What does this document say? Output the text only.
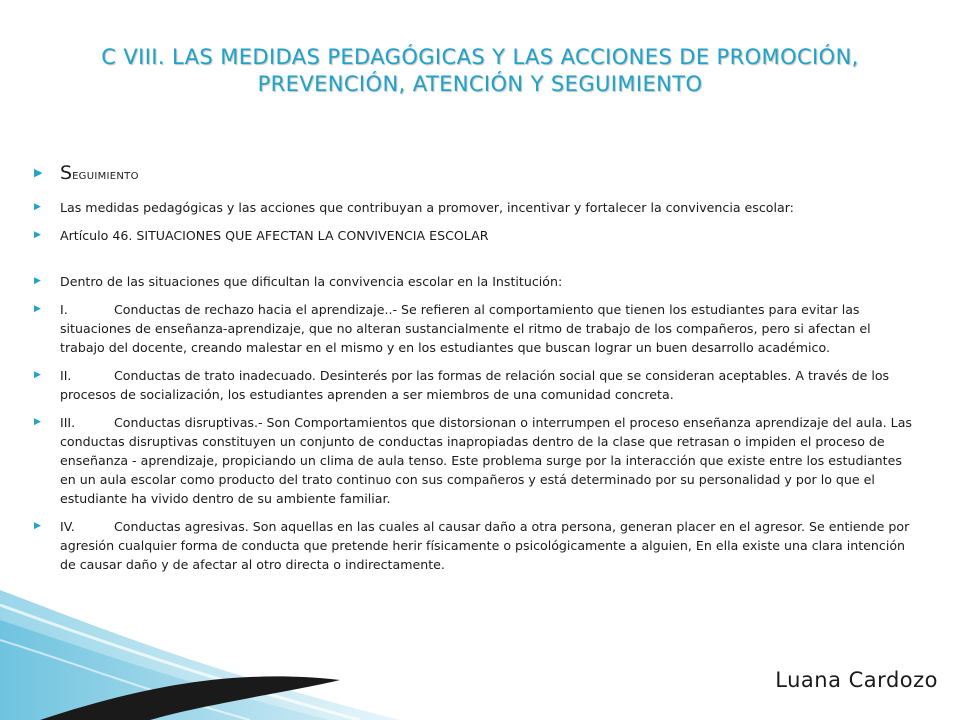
C VIII. LAS MEDIDAS PEDAGÓGICAS Y LAS ACCIONES DE PROMOCIÓN,
PREVENCIÓN, ATENCIÓN Y SEGUIMIENTO
▶ Seguimiento
▶	Las medidas pedagógicas y las acciones que contribuyan a promover, incentivar y fortalecer la convivencia escolar:
▶	Artículo 46. SITUACIONES QUE AFECTAN LA CONVIVENCIA ESCOLAR
▶	Dentro de las situaciones que dificultan la convivencia escolar en la Institución:
▶	I.	Conductas de rechazo hacia el aprendizaje..- Se refieren al comportamiento que tienen los estudiantes para evitar las situaciones de enseñanza-aprendizaje, que no alteran sustancialmente el ritmo de trabajo de los compañeros, pero si afectan el trabajo del docente, creando malestar en el mismo y en los estudiantes que buscan lograr un buen desarrollo académico.
▶	II.	Conductas de trato inadecuado. Desinterés por las formas de relación social que se consideran aceptables. A través de los procesos de socialización, los estudiantes aprenden a ser miembros de una comunidad concreta.
▶	III.	Conductas disruptivas.- Son Comportamientos que distorsionan o interrumpen el proceso enseñanza aprendizaje del aula. Las conductas disruptivas constituyen un conjunto de conductas inapropiadas dentro de la clase que retrasan o impiden el proceso de enseñanza - aprendizaje, propiciando un clima de aula tenso. Este problema surge por la interacción que existe entre los estudiantes en un aula escolar como producto del trato continuo con sus compañeros y está determinado por su personalidad y por lo que el estudiante ha vivido dentro de su ambiente familiar.
▶	IV.	Conductas agresivas. Son aquellas en las cuales al causar daño a otra persona, generan placer en el agresor. Se entiende por agresión cualquier forma de conducta que pretende herir físicamente o psicológicamente a alguien, En ella existe una clara intención de causar daño y de afectar al otro directa o indirectamente.
Luana Cardozo
